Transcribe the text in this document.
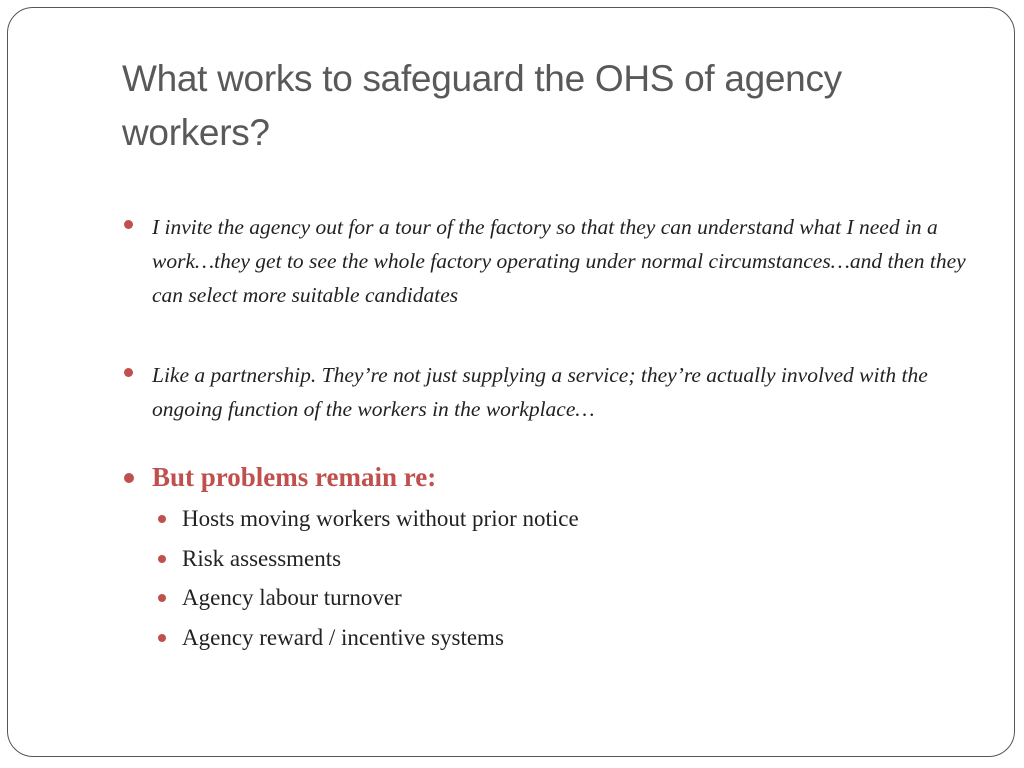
What works to safeguard the OHS of agency workers?
I invite the agency out for a tour of the factory so that they can understand what I need in a work…they get to see the whole factory operating under normal circumstances…and then they can select more suitable candidates
Like a partnership. They’re not just supplying a service; they’re actually involved with the ongoing function of the workers in the workplace…
But problems remain re:
Hosts moving workers without prior notice
Risk assessments
Agency labour turnover
Agency reward / incentive systems
